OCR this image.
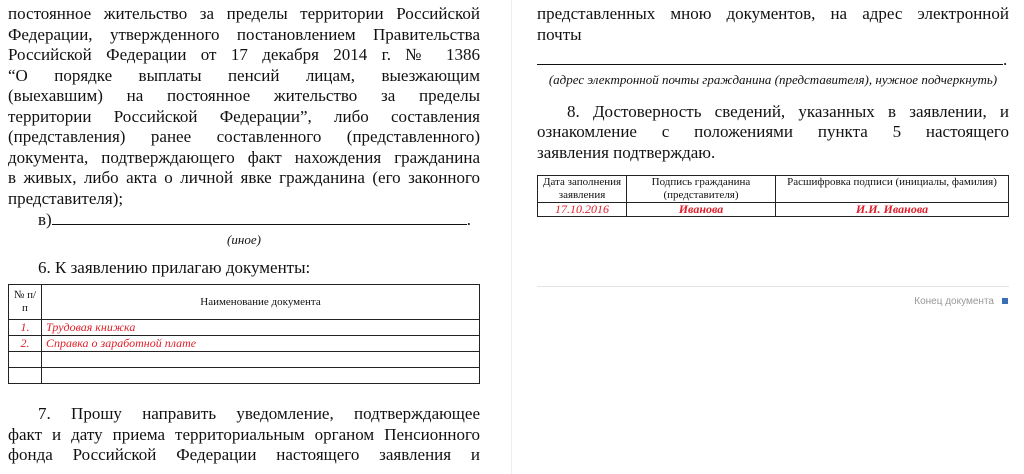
постоянное жительство за пределы территории Российской
Федерации, утвержденного постановлением Правительства
Российской Федерации от 17 декабря 2014 г. № 1386
“О порядке выплаты пенсий лицам, выезжающим
(выехавшим) на постоянное жительство за пределы
территории Российской Федерации”, либо составления
(представления) ранее составленного (представленного)
документа, подтверждающего факт нахождения гражданина
в живых, либо акта о личной явке гражданина (его законного
представителя);
в)	.
(иное)
6. К заявлению прилагаю документы:
№ п/п	Наименование документа
1.	Трудовая книжка
2.	Справка о заработной плате

7. Прошу направить уведомление, подтверждающее
факт и дату приема территориальным органом Пенсионного
фонда Российской Федерации настоящего заявления и
представленных мною документов, на адрес электронной
почты
.
(адрес электронной почты гражданина (представителя), нужное подчеркнуть)
8. Достоверность сведений, указанных в заявлении, и
ознакомление с положениями пункта 5 настоящего
заявления подтверждаю.
Дата заполнения заявления	Подпись гражданина (представителя)	Расшифровка подписи (инициалы, фамилия)
17.10.2016	Иванова	И.И. Иванова
Конец документа
